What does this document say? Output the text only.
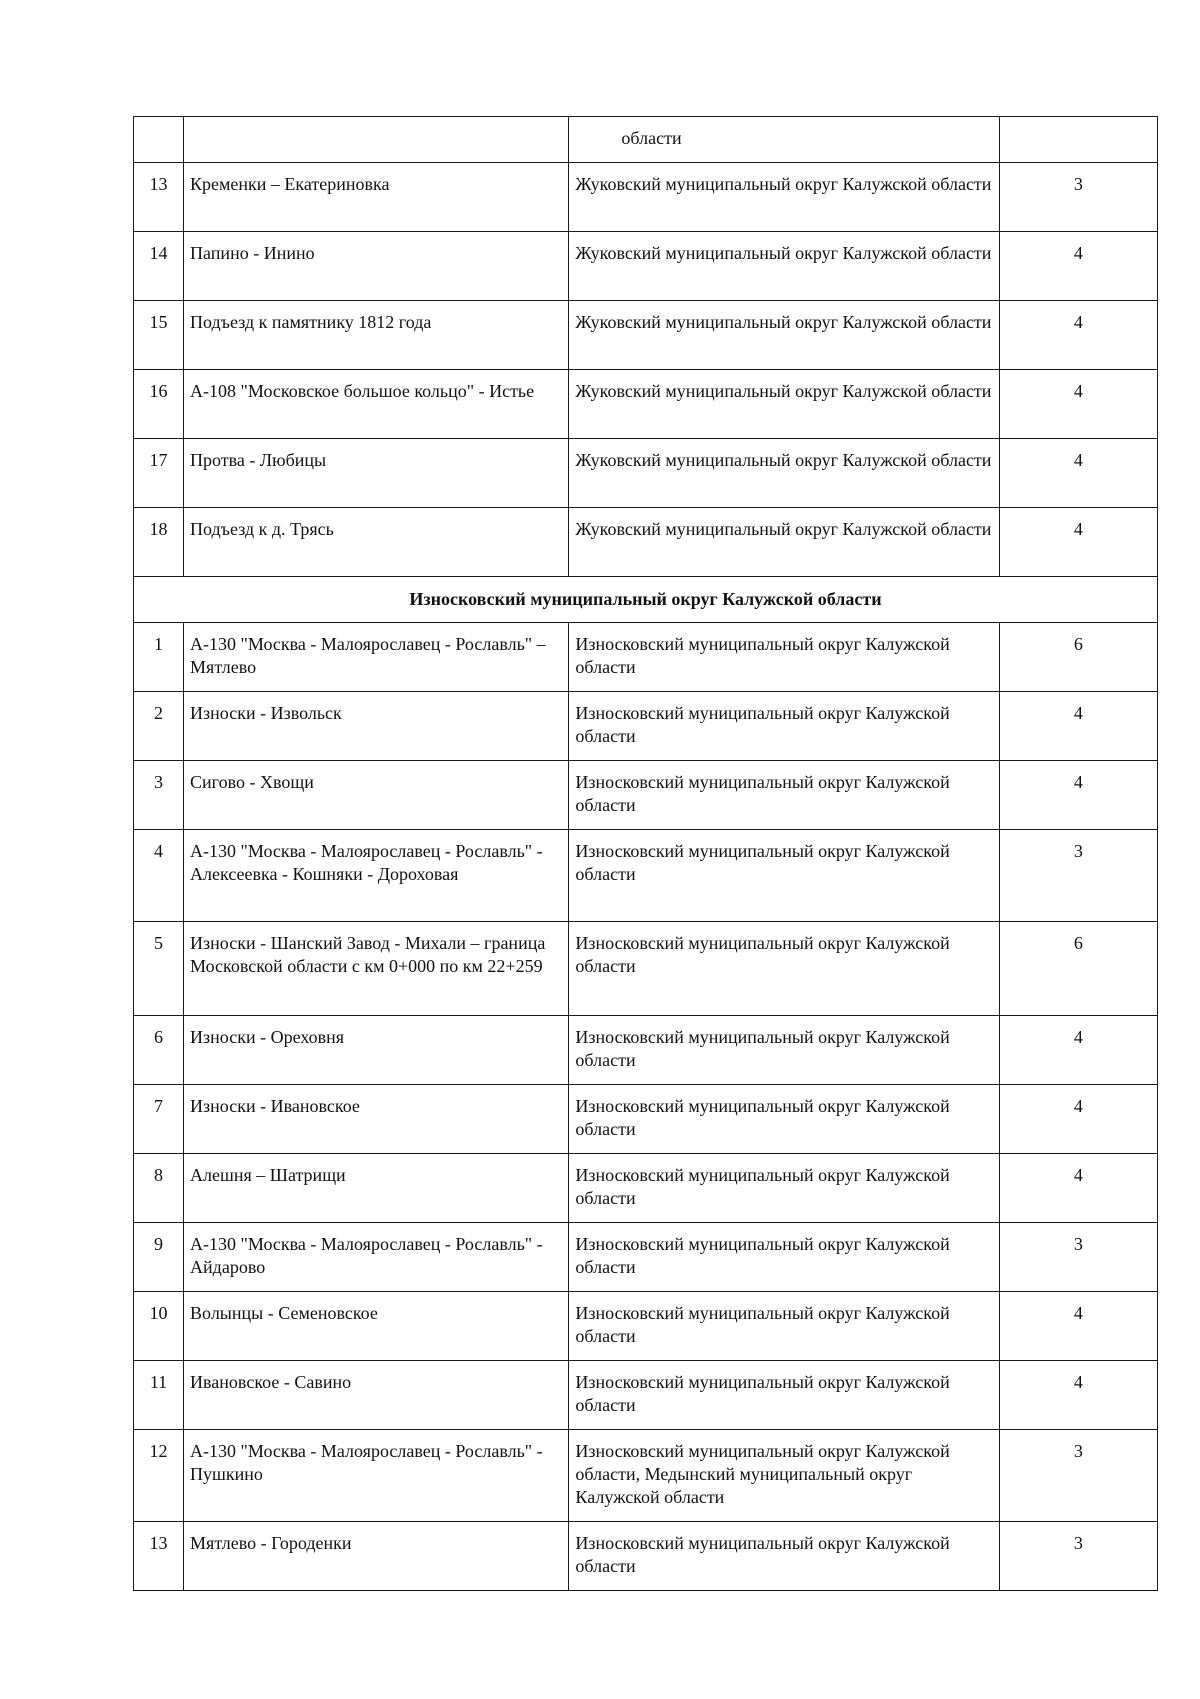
		области	

13	Кременки – Екатериновка	Жуковский муниципальный округ Калужской области	3

14	Папино - Инино	Жуковский муниципальный округ Калужской области	4

15	Подъезд к памятнику 1812 года	Жуковский муниципальный округ Калужской области	4

16	А-108 "Московское большое кольцо" - Истье	Жуковский муниципальный округ Калужской области	4

17	Протва - Любицы	Жуковский муниципальный округ Калужской области	4

18	Подъезд к д. Трясь	Жуковский муниципальный округ Калужской области	4

Износковский муниципальный округ Калужской области			

1	А-130 "Москва - Малоярославец - Рославль" – Мятлево	Износковский муниципальный округ Калужской области	6

2	Износки - Извольск	Износковский муниципальный округ Калужской области	4

3	Сигово - Хвощи	Износковский муниципальный округ Калужской области	4

4	А-130 "Москва - Малоярославец - Рославль" - Алексеевка - Кошняки - Дороховая	Износковский муниципальный округ Калужской области	3

5	Износки - Шанский Завод - Михали – граница Московской области с км 0+000 по км 22+259	Износковский муниципальный округ Калужской области	6

6	Износки - Ореховня	Износковский муниципальный округ Калужской области	4

7	Износки - Ивановское	Износковский муниципальный округ Калужской области	4

8	Алешня – Шатрищи	Износковский муниципальный округ Калужской области	4

9	А-130 "Москва - Малоярославец - Рославль" - Айдарово	Износковский муниципальный округ Калужской области	3

10	Волынцы - Семеновское	Износковский муниципальный округ Калужской области	4

11	Ивановское - Савино	Износковский муниципальный округ Калужской области	4

12	А-130 "Москва - Малоярославец - Рославль" - Пушкино	Износковский муниципальный округ Калужской области, Медынский муниципальный округ Калужской области	3

13	Мятлево - Городенки	Износковский муниципальный округ Калужской области	3
